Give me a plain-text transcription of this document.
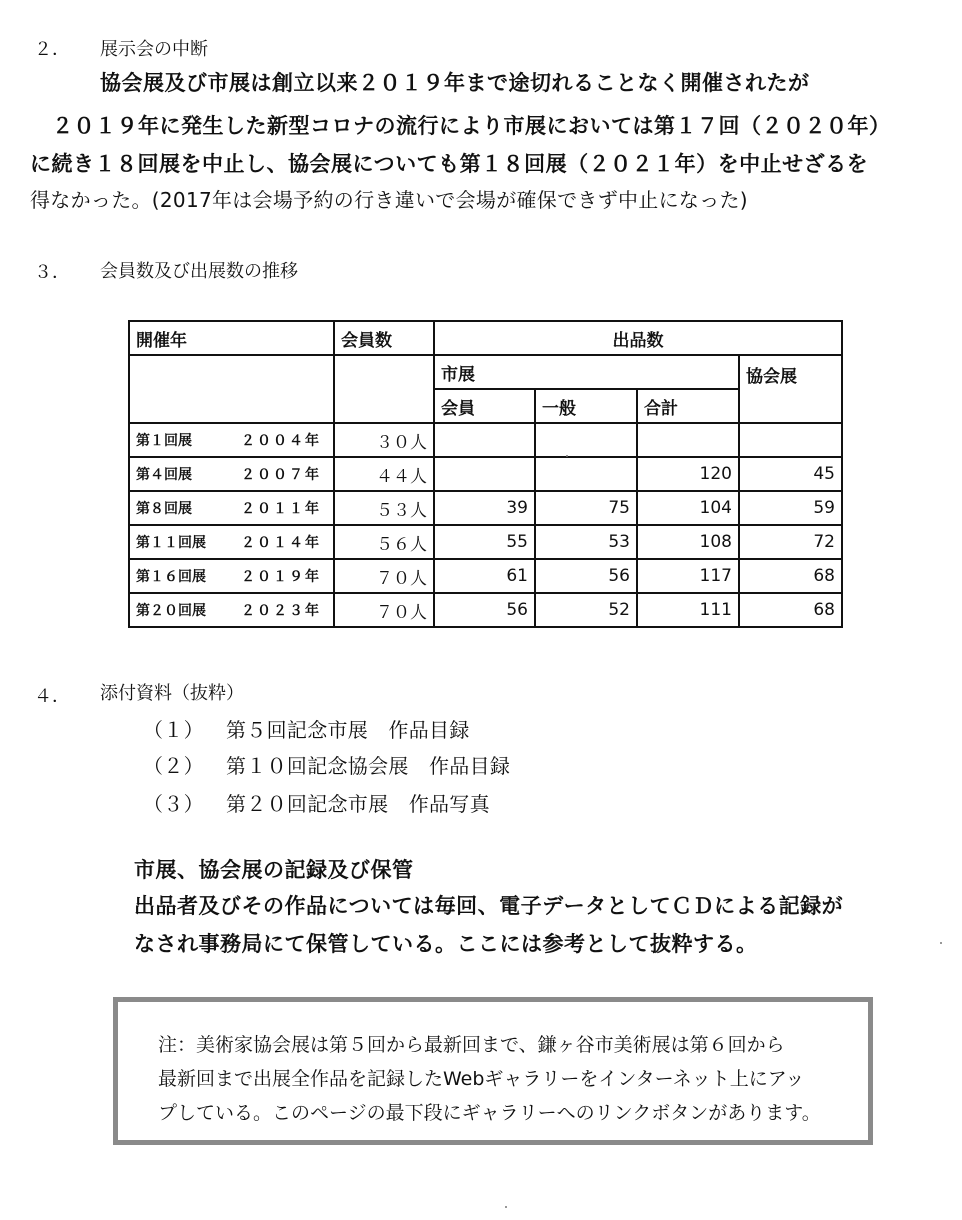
２． 展示会の中断
協会展及び市展は創立以来２０１９年まで途切れることなく開催されたが
２０１９年に発生した新型コロナの流行により市展においては第１７回（２０２０年）
に続き１８回展を中止し、協会展についても第１８回展（２０２１年）を中止せざるを
得なかった。(2017年は会場予約の行き違いで会場が確保できず中止になった)
３． 会員数及び出展数の推移
開催年	会員数	出品数			
		市展			協会展
		会員	一般	合計	
第１回展 ２００４年	３０人				
第４回展 ２００７年	４４人			120	45
第８回展 ２０１１年	５３人	39	75	104	59
第１１回展 ２０１４年	５６人	55	53	108	72
第１６回展 ２０１９年	７０人	61	56	117	68
第２０回展 ２０２３年	７０人	56	52	111	68
４． 添付資料（抜粋）
（１） 第５回記念市展　作品目録
（２） 第１０回記念協会展　作品目録
（３） 第２０回記念市展　作品写真
市展、協会展の記録及び保管
出品者及びその作品については毎回、電子データとしてＣＤによる記録が
なされ事務局にて保管している。ここには参考として抜粋する。
注：美術家協会展は第５回から最新回まで、鎌ヶ谷市美術展は第６回から
最新回まで出展全作品を記録したWebギャラリーをインターネット上にアッ
プしている。このページの最下段にギャラリーへのリンクボタンがあります。
